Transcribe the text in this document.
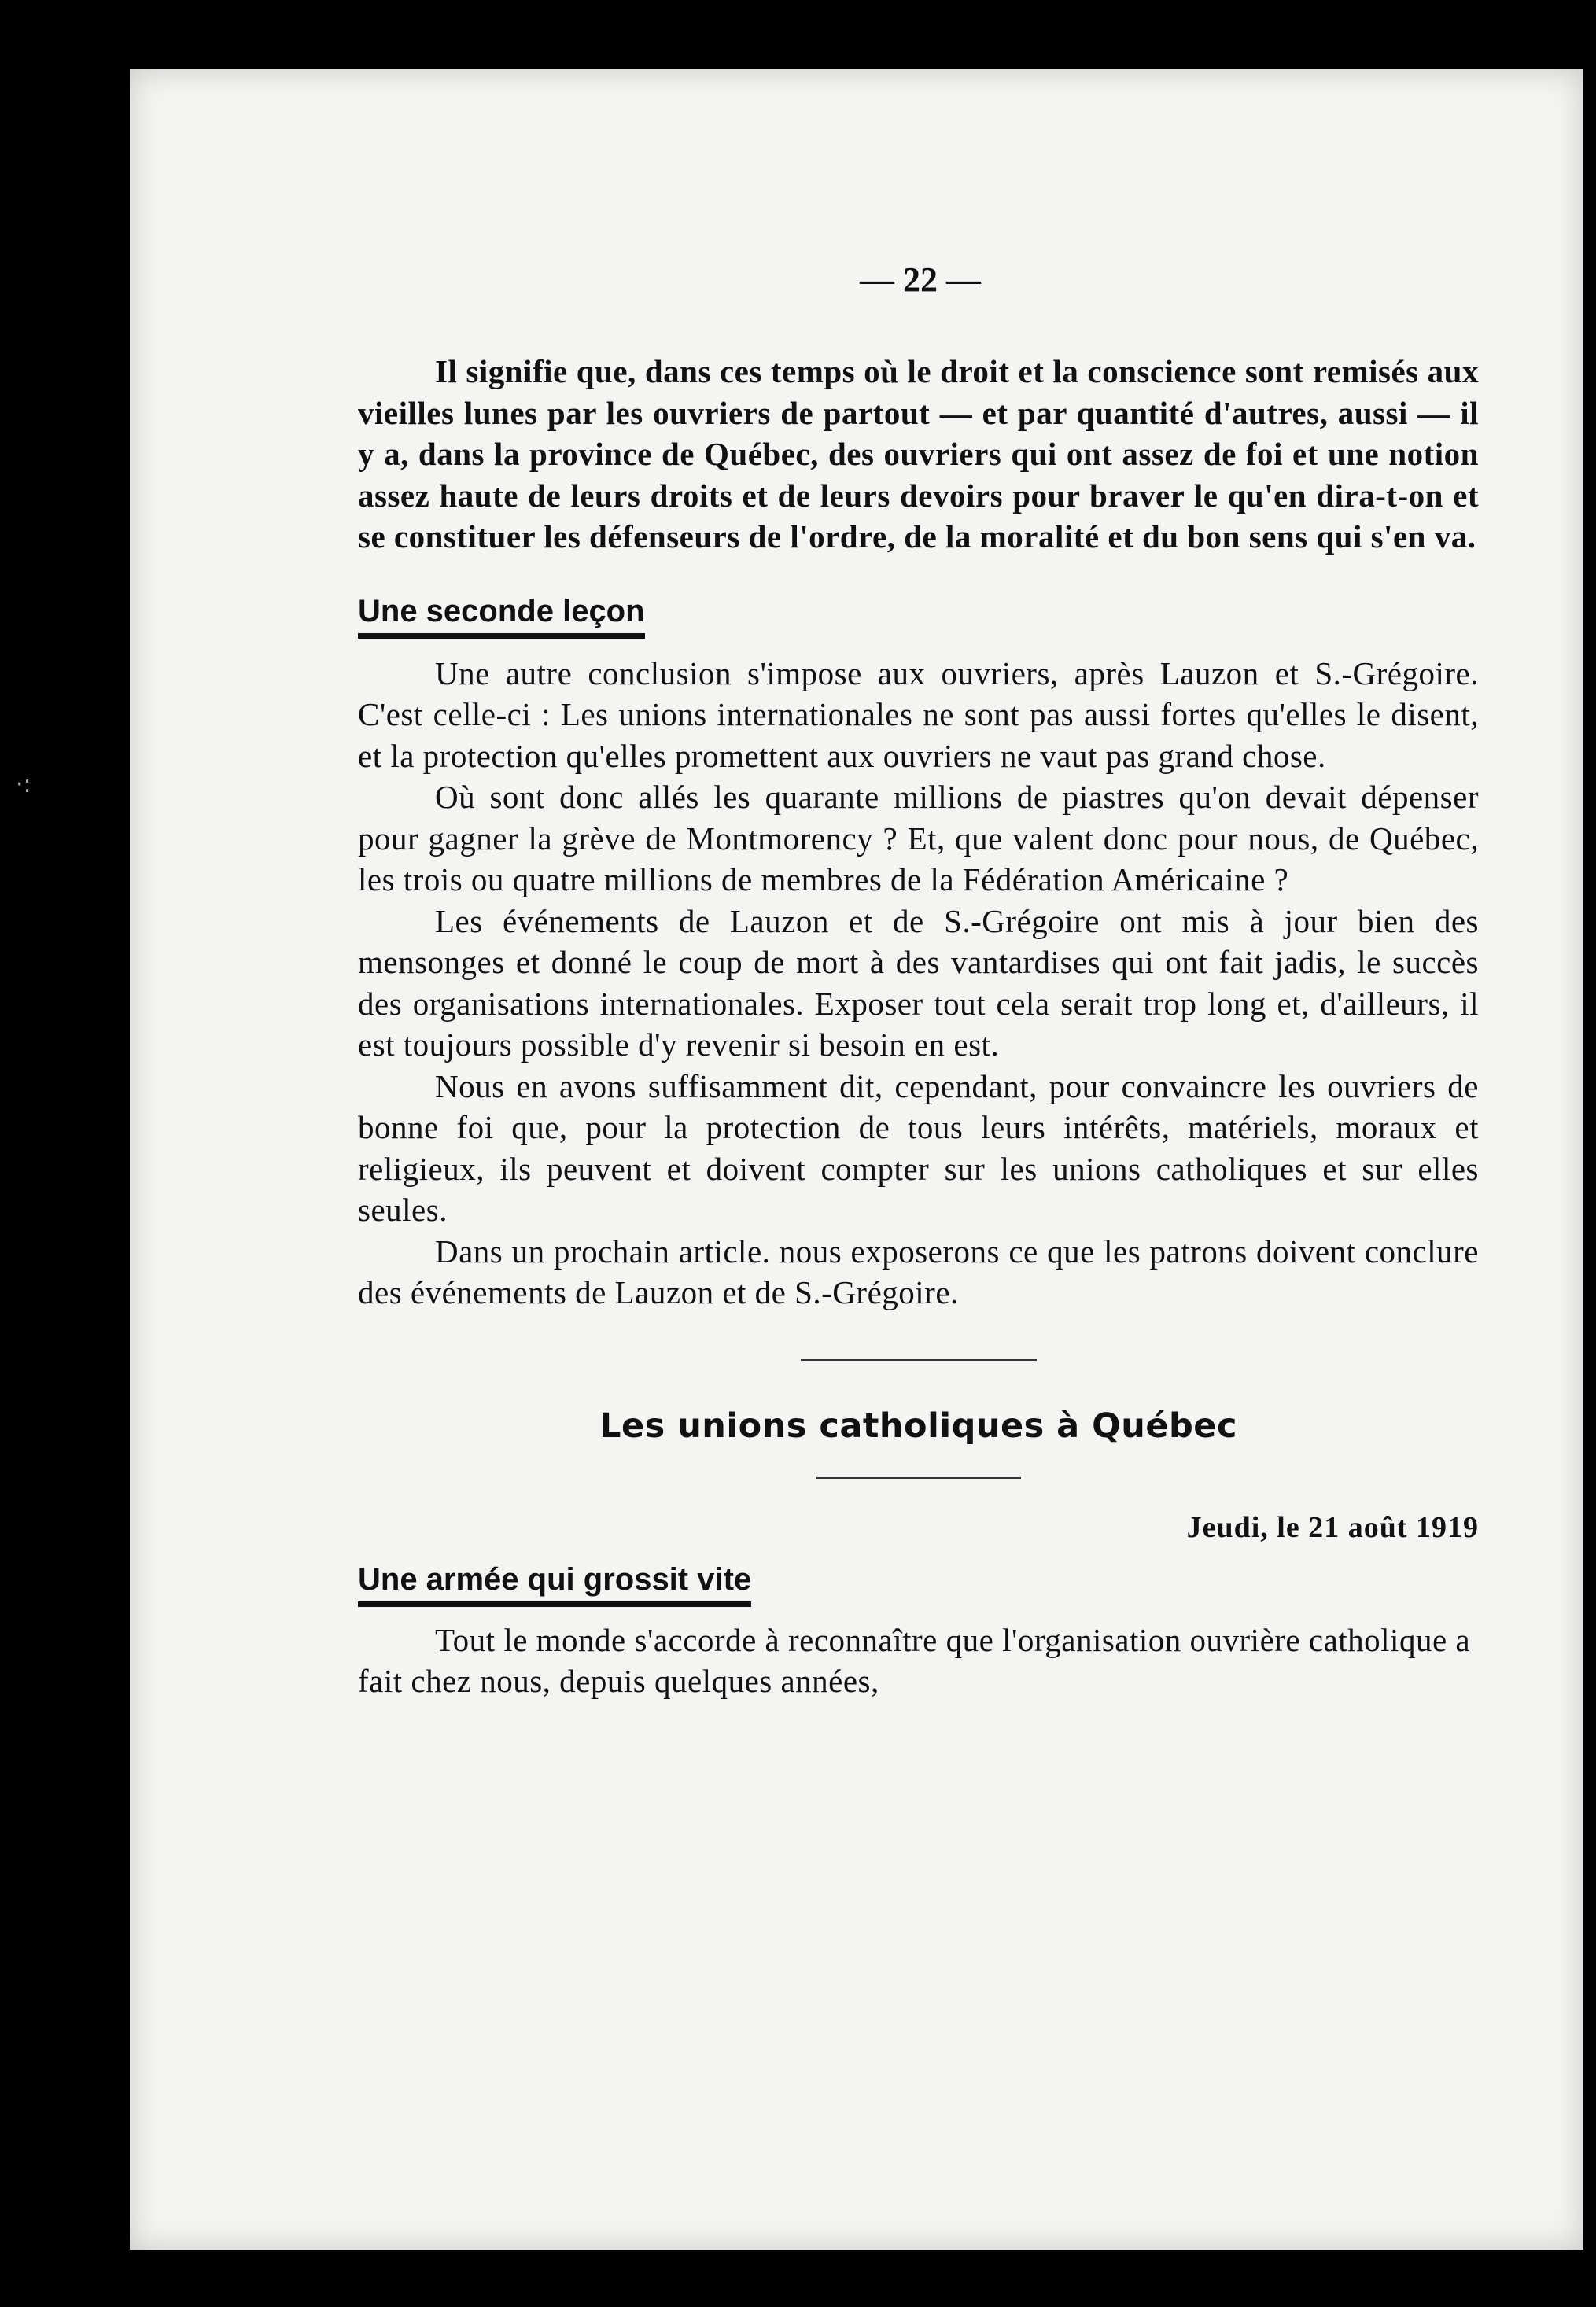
— 22 —

Il signifie que, dans ces temps où le droit et la conscience sont remisés aux vieilles lunes par les ouvriers de partout — et par quantité d'autres, aussi — il y a, dans la province de Québec, des ouvriers qui ont assez de foi et une notion assez haute de leurs droits et de leurs devoirs pour braver le qu'en dira-t-on et se constituer les défenseurs de l'ordre, de la moralité et du bon sens qui s'en va.

Une seconde leçon

Une autre conclusion s'impose aux ouvriers, après Lauzon et S.-Grégoire. C'est celle-ci : Les unions internationales ne sont pas aussi fortes qu'elles le disent, et la protection qu'elles promettent aux ouvriers ne vaut pas grand chose.

Où sont donc allés les quarante millions de piastres qu'on devait dépenser pour gagner la grève de Montmorency ? Et, que valent donc pour nous, de Québec, les trois ou quatre millions de membres de la Fédération Américaine ?

Les événements de Lauzon et de S.-Grégoire ont mis à jour bien des mensonges et donné le coup de mort à des vantardises qui ont fait jadis, le succès des organisations internationales. Exposer tout cela serait trop long et, d'ailleurs, il est toujours possible d'y revenir si besoin en est.

Nous en avons suffisamment dit, cependant, pour convaincre les ouvriers de bonne foi que, pour la protection de tous leurs intérêts, matériels, moraux et religieux, ils peuvent et doivent compter sur les unions catholiques et sur elles seules.

Dans un prochain article. nous exposerons ce que les patrons doivent conclure des événements de Lauzon et de S.-Grégoire.

Les unions catholiques à Québec
Jeudi, le 21 août 1919
Une armée qui grossit vite

Tout le monde s'accorde à reconnaître que l'organisation ouvrière catholique a fait chez nous, depuis quelques années,

·:
